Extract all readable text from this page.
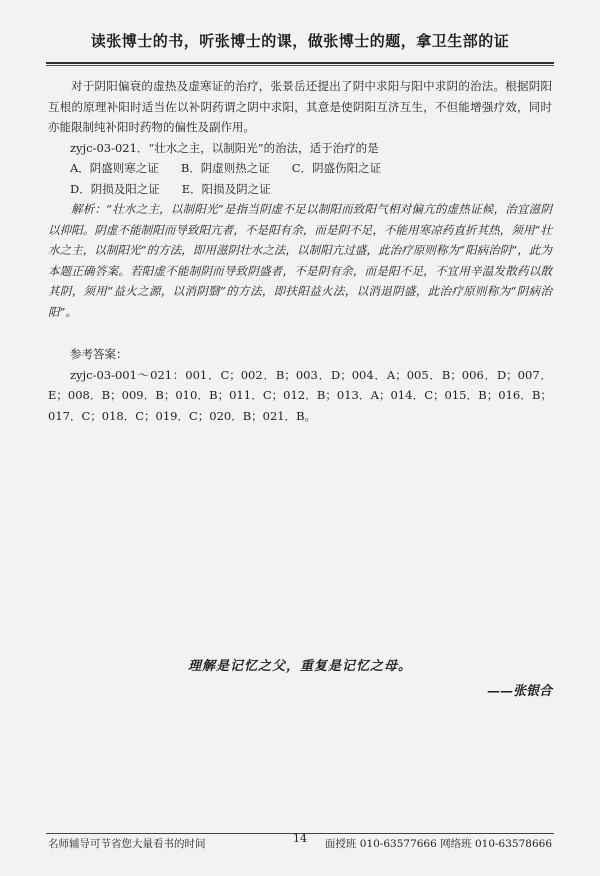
读张博士的书，听张博士的课，做张博士的题，拿卫生部的证

对于阴阳偏衰的虚热及虚寒证的治疗，张景岳还提出了阴中求阳与阳中求阴的治法。根据阴阳互根的原理补阳时适当佐以补阴药谓之阴中求阳，其意是使阴阳互济互生，不但能增强疗效，同时亦能限制纯补阳时药物的偏性及副作用。

zyjc-03-021．“壮水之主，以制阳光”的治法，适于治疗的是

A．阴盛则寒之证 B．阴虚则热之证 C．阴盛伤阳之证

D．阴损及阳之证 E．阳损及阴之证

解析：“壮水之主，以制阳光”是指当阴虚不足以制阳而致阳气相对偏亢的虚热证候，治宜滋阴以抑阳。阴虚不能制阳而导致阳亢者，不是阳有余，而是阴不足，不能用寒凉药直折其热，须用“壮水之主，以制阳光”的方法，即用滋阴壮水之法，以制阳亢过盛，此治疗原则称为“阳病治阴”，此为本题正确答案。若阳虚不能制阴而导致阴盛者，不是阴有余，而是阳不足，不宜用辛温发散药以散其阴，须用“益火之源，以消阴翳”的方法，即扶阳益火法，以消退阴盛，此治疗原则称为“阴病治阳”。

参考答案：

zyjc-03-001～021：001．C；002．B；003．D；004．A；005．B；006．D；007．E；008．B；009．B；010．B；011．C；012．B；013．A；014．C；015．B；016．B；017．C；018．C；019．C；020．B；021．B。

理解是记忆之父，重复是记忆之母。
——张银合
名师辅导可节省您大量看书的时间	14	面授班 010-63577666 网络班 010-63578666
